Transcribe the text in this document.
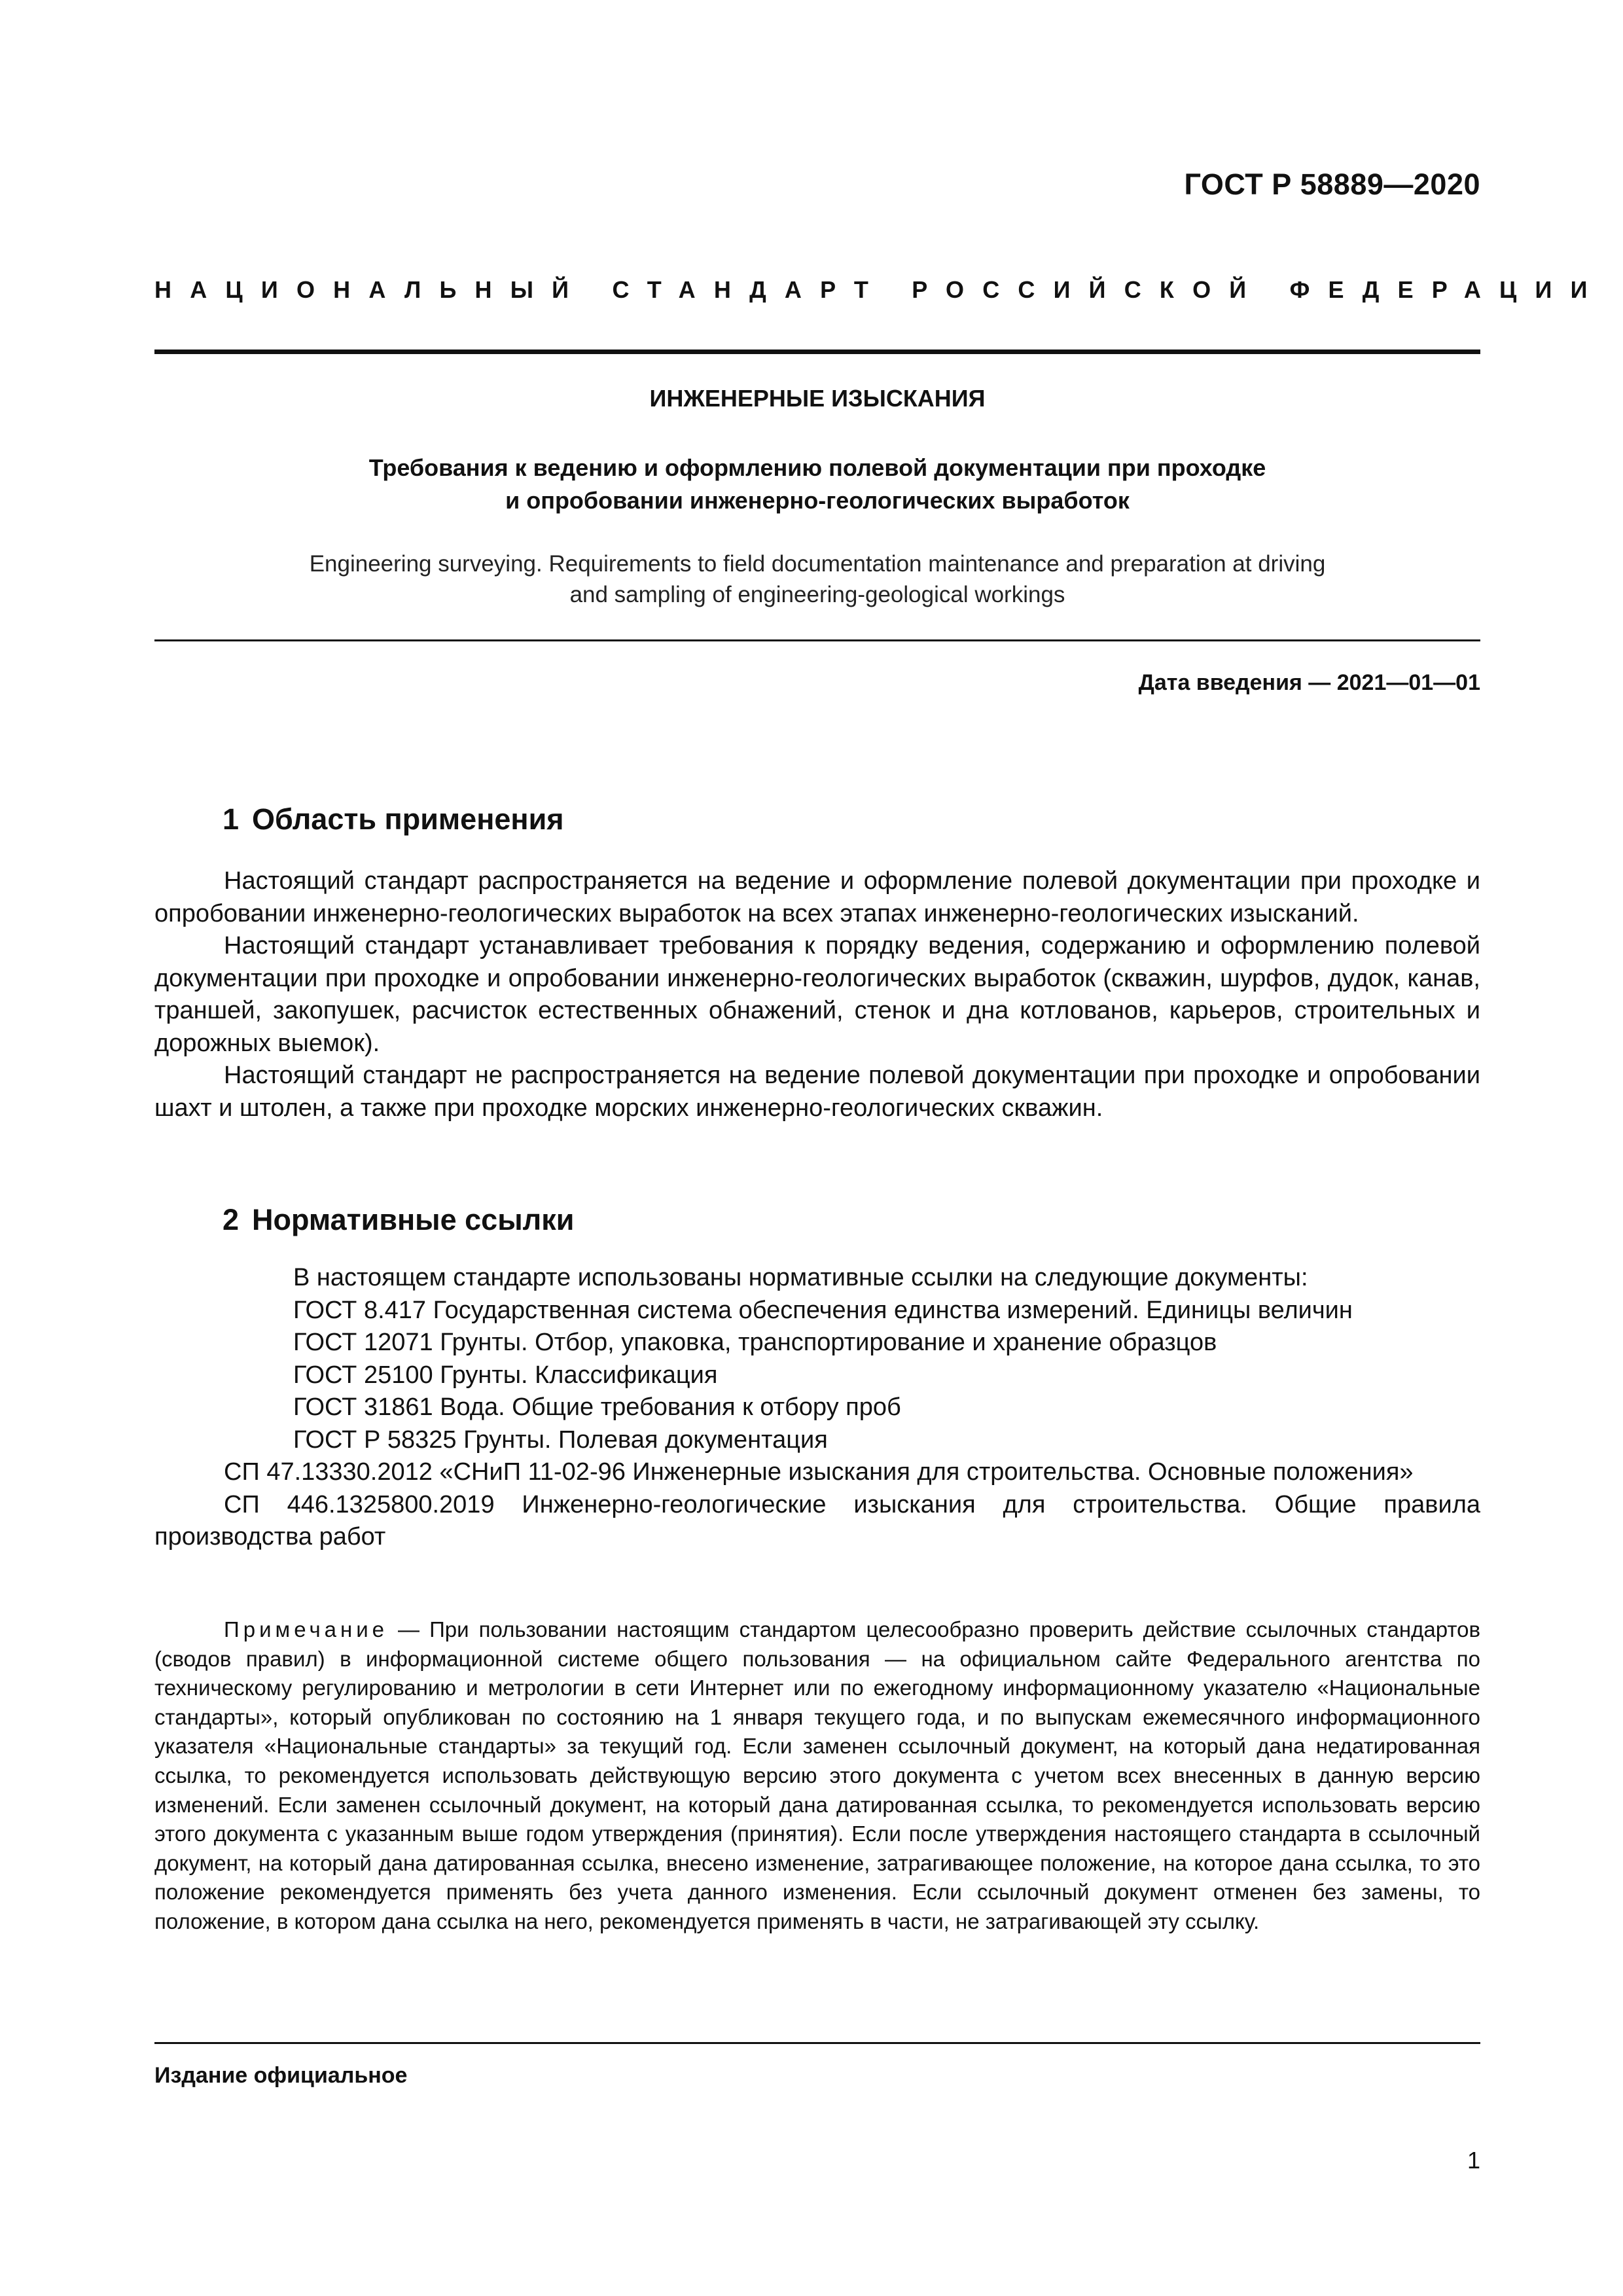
ГОСТ Р 58889—2020
НАЦИОНАЛЬНЫЙ СТАНДАРТ РОССИЙСКОЙ ФЕДЕРАЦИИ
ИНЖЕНЕРНЫЕ ИЗЫСКАНИЯ
Требования к ведению и оформлению полевой документации при проходке
и опробовании инженерно-геологических выработок
Engineering surveying. Requirements to field documentation maintenance and preparation at driving
and sampling of engineering-geological workings
Дата введения — 2021—01—01
1 Область применения

Настоящий стандарт распространяется на ведение и оформление полевой документации при проходке и опробовании инженерно-геологических выработок на всех этапах инженерно-геологических изысканий.

Настоящий стандарт устанавливает требования к порядку ведения, содержанию и оформлению полевой документации при проходке и опробовании инженерно-геологических выработок (скважин, шурфов, дудок, канав, траншей, закопушек, расчисток естественных обнажений, стенок и дна котлованов, карьеров, строительных и дорожных выемок).

Настоящий стандарт не распространяется на ведение полевой документации при проходке и опробовании шахт и штолен, а также при проходке морских инженерно-геологических скважин.

2 Нормативные ссылки

В настоящем стандарте использованы нормативные ссылки на следующие документы:

ГОСТ 8.417 Государственная система обеспечения единства измерений. Единицы величин

ГОСТ 12071 Грунты. Отбор, упаковка, транспортирование и хранение образцов

ГОСТ 25100 Грунты. Классификация

ГОСТ 31861 Вода. Общие требования к отбору проб

ГОСТ Р 58325 Грунты. Полевая документация

СП 47.13330.2012 «СНиП 11-02-96 Инженерные изыскания для строительства. Основные положения»

СП 446.1325800.2019 Инженерно-геологические изыскания для строительства. Общие правила производства работ

Примечание — При пользовании настоящим стандартом целесообразно проверить действие ссылочных стандартов (сводов правил) в информационной системе общего пользования — на официальном сайте Федерального агентства по техническому регулированию и метрологии в сети Интернет или по ежегодному информационному указателю «Национальные стандарты», который опубликован по состоянию на 1 января текущего года, и по выпускам ежемесячного информационного указателя «Национальные стандарты» за текущий год. Если заменен ссылочный документ, на который дана недатированная ссылка, то рекомендуется использовать действующую версию этого документа с учетом всех внесенных в данную версию изменений. Если заменен ссылочный документ, на который дана датированная ссылка, то рекомендуется использовать версию этого документа с указанным выше годом утверждения (принятия). Если после утверждения настоящего стандарта в ссылочный документ, на который дана датированная ссылка, внесено изменение, затрагивающее положение, на которое дана ссылка, то это положение рекомендуется применять без учета данного изменения. Если ссылочный документ отменен без замены, то положение, в котором дана ссылка на него, рекомендуется применять в части, не затрагивающей эту ссылку.
Издание официальное
1
